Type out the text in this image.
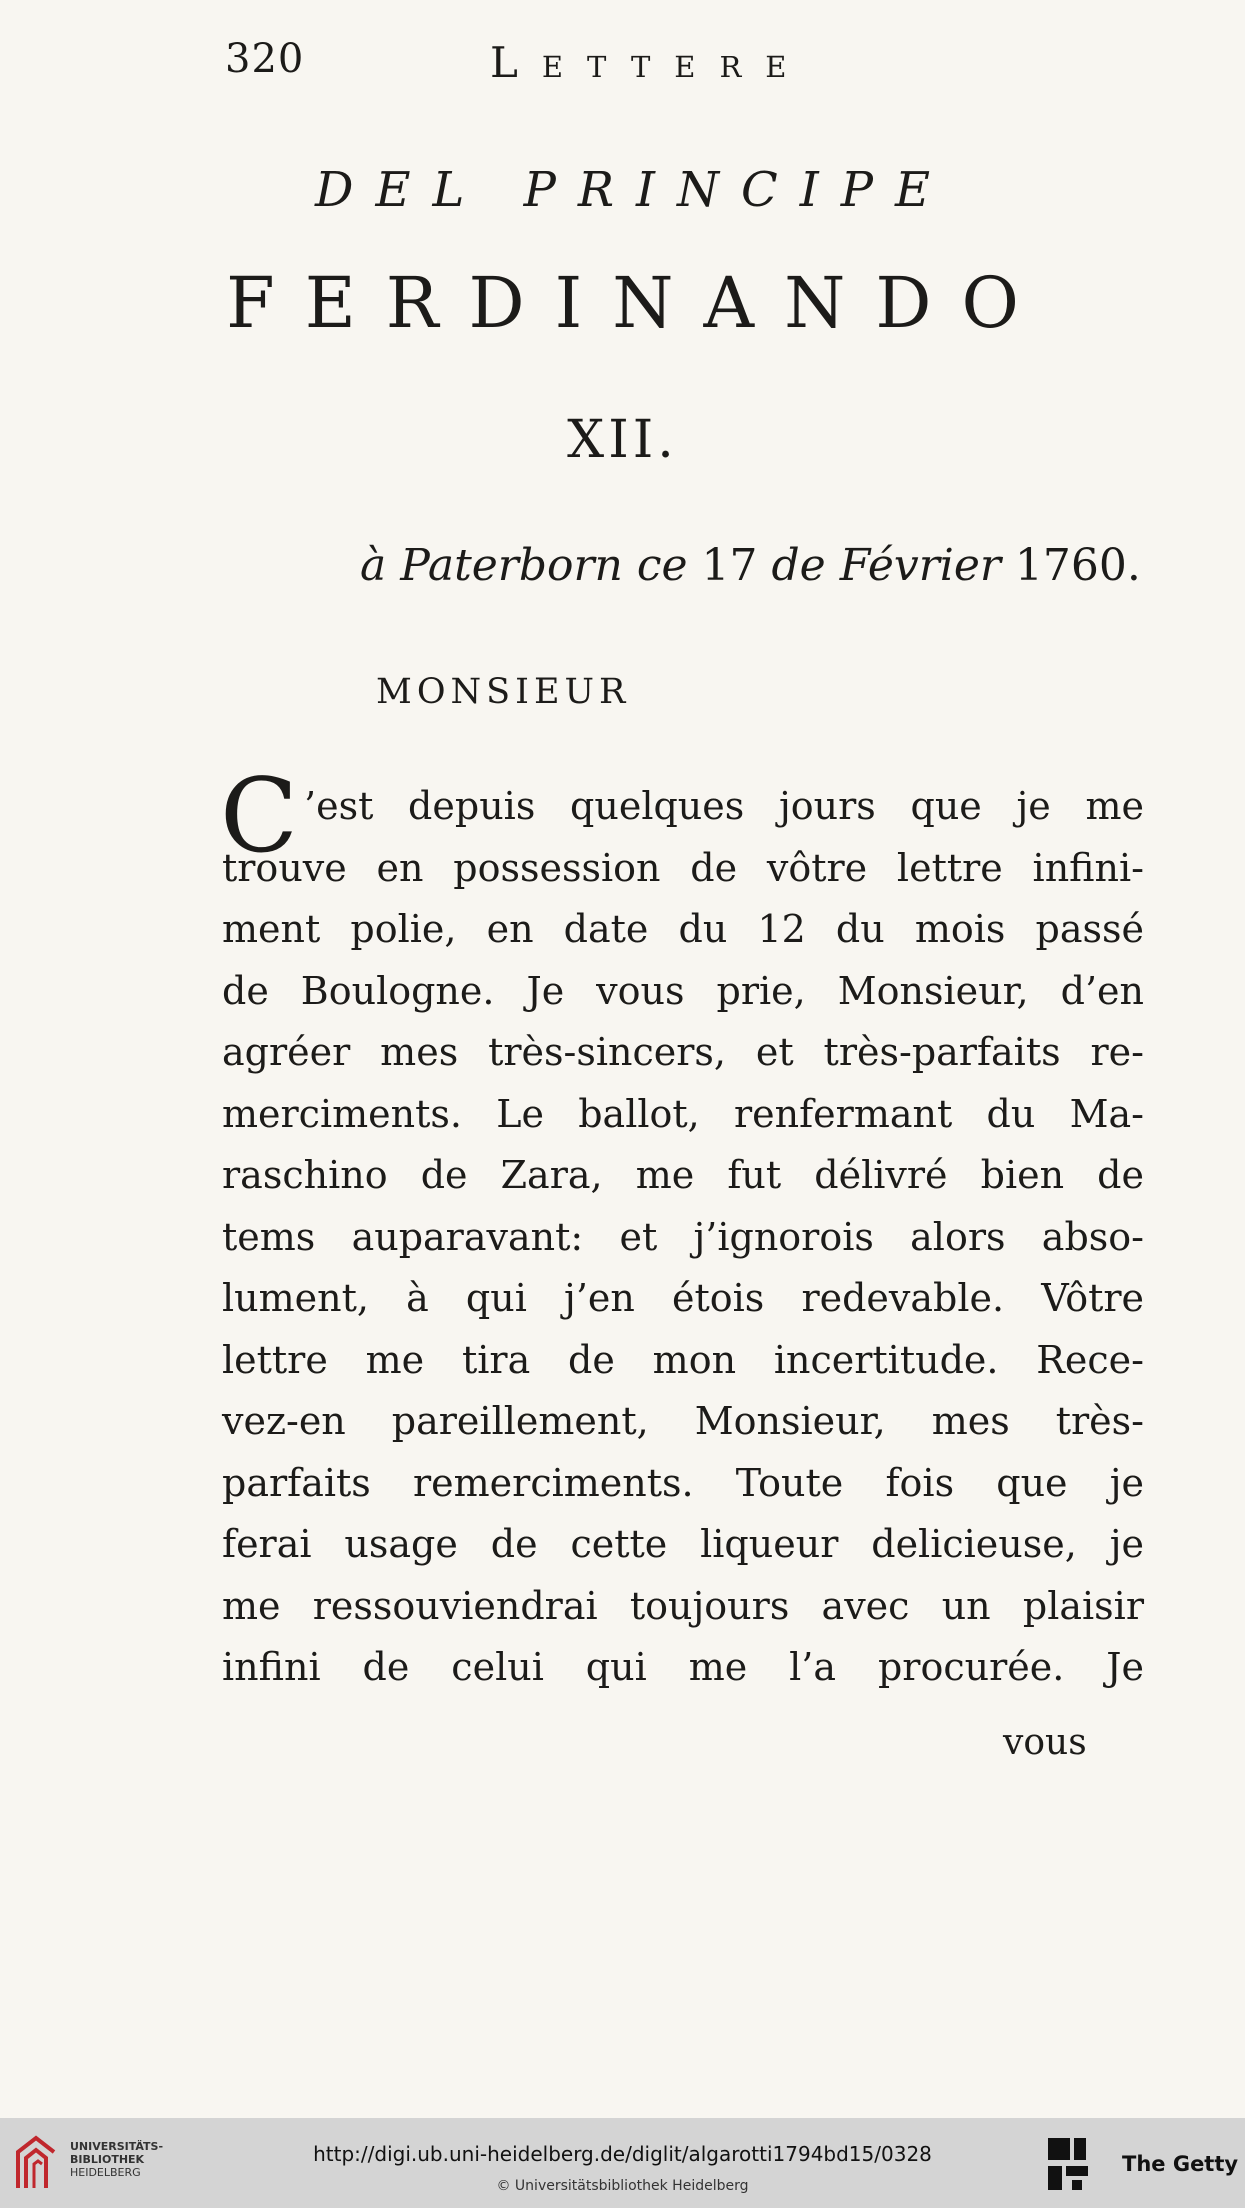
320	Lettere
DEL PRINCIPE
FERDINANDO
XII.
à Paterborn ce 17 de Février 1760.
MONSIEUR
C ’est depuis quelques jours que je me
trouve en possession de vôtre lettre infini-
ment polie, en date du 12 du mois passé
de Boulogne. Je vous prie, Monsieur, d’en
agréer mes très-sincers, et très-parfaits re-
merciments. Le ballot, renfermant du Ma-
raschino de Zara, me fut délivré bien de
tems auparavant: et j’ignorois alors abso-
lument, à qui j’en étois redevable. Vôtre
lettre me tira de mon incertitude. Rece-
vez-en pareillement, Monsieur, mes très-
parfaits remerciments. Toute fois que je
ferai usage de cette liqueur delicieuse, je
me ressouviendrai toujours avec un plaisir
infini de celui qui me l’a procurée. Je
vous
UNIVERSITÄTS-
BIBLIOTHEK
HEIDELBERG
http://digi.ub.uni-heidelberg.de/diglit/algarotti1794bd15/0328
© Universitätsbibliothek Heidelberg
The Getty
